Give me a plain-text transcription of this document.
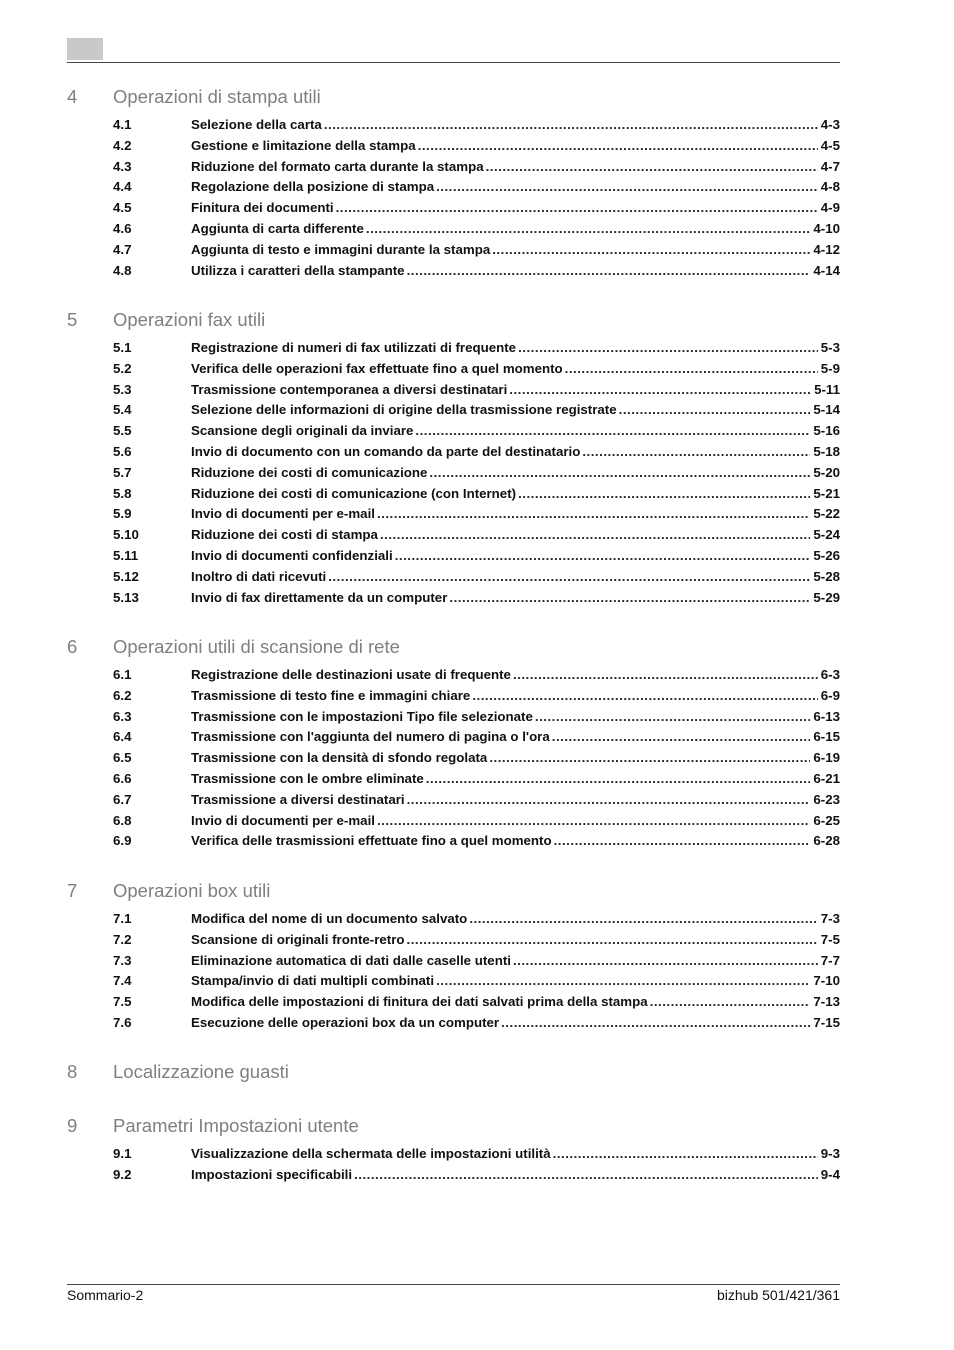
4 Operazioni di stampa utili
4.1	Selezione della carta .....	4-3
4.2	Gestione e limitazione della stampa .....	4-5
4.3	Riduzione del formato carta durante la stampa .....	4-7
4.4	Regolazione della posizione di stampa .....	4-8
4.5	Finitura dei documenti .....	4-9
4.6	Aggiunta di carta differente .....	4-10
4.7	Aggiunta di testo e immagini durante la stampa .....	4-12
4.8	Utilizza i caratteri della stampante .....	4-14
5 Operazioni fax utili
5.1	Registrazione di numeri di fax utilizzati di frequente .....	5-3
5.2	Verifica delle operazioni fax effettuate fino a quel momento .....	5-9
5.3	Trasmissione contemporanea a diversi destinatari .....	5-11
5.4	Selezione delle informazioni di origine della trasmissione registrate .....	5-14
5.5	Scansione degli originali da inviare .....	5-16
5.6	Invio di documento con un comando da parte del destinatario .....	5-18
5.7	Riduzione dei costi di comunicazione .....	5-20
5.8	Riduzione dei costi di comunicazione (con Internet) .....	5-21
5.9	Invio di documenti per e-mail .....	5-22
5.10	Riduzione dei costi di stampa .....	5-24
5.11	Invio di documenti confidenziali .....	5-26
5.12	Inoltro di dati ricevuti .....	5-28
5.13	Invio di fax direttamente da un computer .....	5-29
6 Operazioni utili di scansione di rete
6.1	Registrazione delle destinazioni usate di frequente .....	6-3
6.2	Trasmissione di testo fine e immagini chiare .....	6-9
6.3	Trasmissione con le impostazioni Tipo file selezionate .....	6-13
6.4	Trasmissione con l'aggiunta del numero di pagina o l'ora .....	6-15
6.5	Trasmissione con la densità di sfondo regolata .....	6-19
6.6	Trasmissione con le ombre eliminate .....	6-21
6.7	Trasmissione a diversi destinatari .....	6-23
6.8	Invio di documenti per e-mail .....	6-25
6.9	Verifica delle trasmissioni effettuate fino a quel momento .....	6-28
7 Operazioni box utili
7.1	Modifica del nome di un documento salvato .....	7-3
7.2	Scansione di originali fronte-retro .....	7-5
7.3	Eliminazione automatica di dati dalle caselle utenti .....	7-7
7.4	Stampa/invio di dati multipli combinati .....	7-10
7.5	Modifica delle impostazioni di finitura dei dati salvati prima della stampa .....	7-13
7.6	Esecuzione delle operazioni box da un computer .....	7-15
8 Localizzazione guasti
9 Parametri Impostazioni utente
9.1	Visualizzazione della schermata delle impostazioni utilità .....	9-3
9.2	Impostazioni specificabili .....	9-4
Sommario-2	bizhub 501/421/361
